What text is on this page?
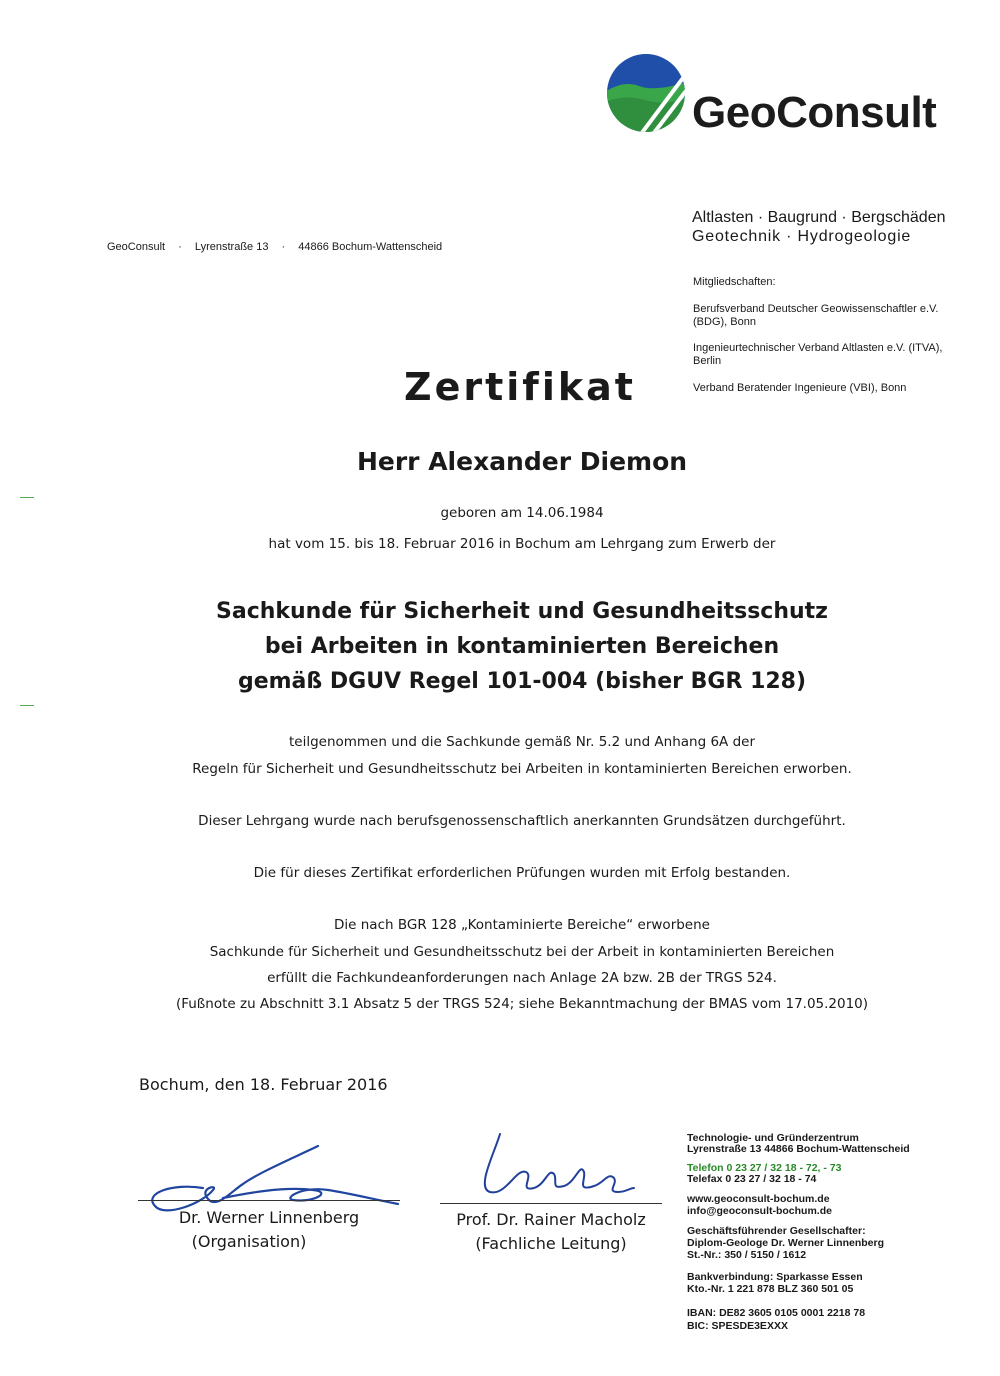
GeoConsult
GeoConsult · Lyrenstraße 13 · 44866 Bochum-Wattenscheid
Altlasten · Baugrund · Bergschäden
Geotechnik · Hydrogeologie
Mitgliedschaften:
Berufsverband Deutscher Geowissenschaftler e.V. (BDG), Bonn
Ingenieurtechnischer Verband Altlasten e.V. (ITVA), Berlin
Verband Beratender Ingenieure (VBI), Bonn
Zertifikat
Herr Alexander Diemon
geboren am 14.06.1984
hat vom 15. bis 18. Februar 2016 in Bochum am Lehrgang zum Erwerb der
Sachkunde für Sicherheit und Gesundheitsschutz
bei Arbeiten in kontaminierten Bereichen
gemäß DGUV Regel 101-004 (bisher BGR 128)
teilgenommen und die Sachkunde gemäß Nr. 5.2 und Anhang 6A der
Regeln für Sicherheit und Gesundheitsschutz bei Arbeiten in kontaminierten Bereichen erworben.
Dieser Lehrgang wurde nach berufsgenossenschaftlich anerkannten Grundsätzen durchgeführt.
Die für dieses Zertifikat erforderlichen Prüfungen wurden mit Erfolg bestanden.
Die nach BGR 128 „Kontaminierte Bereiche“ erworbene
Sachkunde für Sicherheit und Gesundheitsschutz bei der Arbeit in kontaminierten Bereichen
erfüllt die Fachkundeanforderungen nach Anlage 2A bzw. 2B der TRGS 524.
(Fußnote zu Abschnitt 3.1 Absatz 5 der TRGS 524; siehe Bekanntmachung der BMAS vom 17.05.2010)
Bochum, den 18. Februar 2016
Dr. Werner Linnenberg
(Organisation)
Prof. Dr. Rainer Macholz
(Fachliche Leitung)
Technologie- und Gründerzentrum
Lyrenstraße 13 44866 Bochum-Wattenscheid
Telefon 0 23 27 / 32 18 - 72, - 73
Telefax 0 23 27 / 32 18 - 74
www.geoconsult-bochum.de
info@geoconsult-bochum.de
Geschäftsführender Gesellschafter:
Diplom-Geologe Dr. Werner Linnenberg
St.-Nr.: 350 / 5150 / 1612
Bankverbindung: Sparkasse Essen
Kto.-Nr. 1 221 878 BLZ 360 501 05
IBAN: DE82 3605 0105 0001 2218 78
BIC: SPESDE3EXXX
